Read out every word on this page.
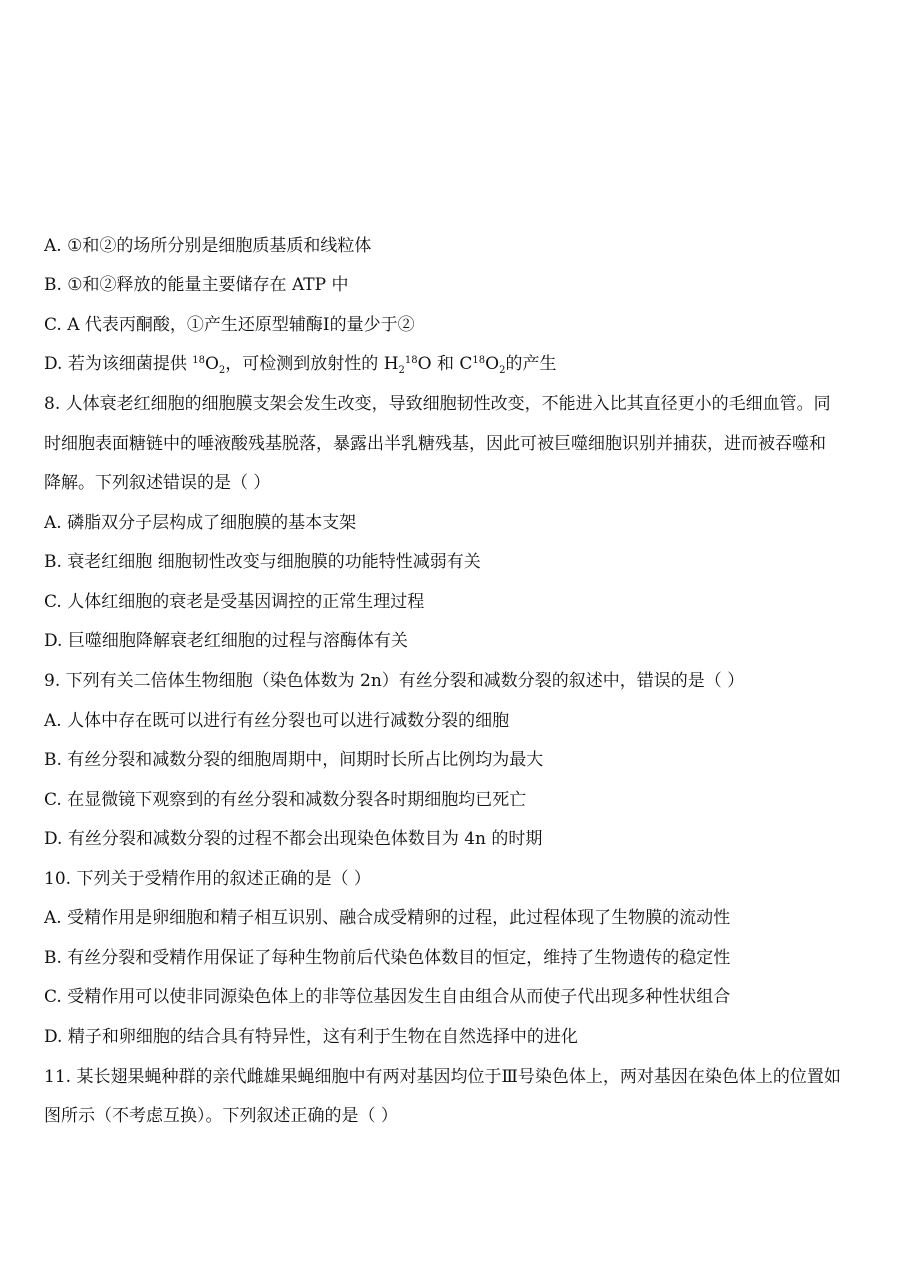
A. ①和②的场所分别是细胞质基质和线粒体
B. ①和②释放的能量主要储存在 ATP 中
C. A 代表丙酮酸，①产生还原型辅酶Ⅰ的量少于②
D. 若为该细菌提供 $^{18}O_2$，可检测到放射性的 $H_2^{18}O$ 和 $C^{18}O_2$的产生
8. 人体衰老红细胞的细胞膜支架会发生改变，导致细胞韧性改变，不能进入比其直径更小的毛细血管。同
时细胞表面糖链中的唾液酸残基脱落，暴露出半乳糖残基，因此可被巨噬细胞识别并捕获，进而被吞噬和
降解。下列叙述错误的是（ ）
A. 磷脂双分子层构成了细胞膜的基本支架
B. 衰老红细胞 细胞韧性改变与细胞膜的功能特性减弱有关
C. 人体红细胞的衰老是受基因调控的正常生理过程
D. 巨噬细胞降解衰老红细胞的过程与溶酶体有关
9. 下列有关二倍体生物细胞（染色体数为 2n）有丝分裂和减数分裂的叙述中，错误的是（ ）
A. 人体中存在既可以进行有丝分裂也可以进行减数分裂的细胞
B. 有丝分裂和减数分裂的细胞周期中，间期时长所占比例均为最大
C. 在显微镜下观察到的有丝分裂和减数分裂各时期细胞均已死亡
D. 有丝分裂和减数分裂的过程不都会出现染色体数目为 4n 的时期
10. 下列关于受精作用的叙述正确的是（ ）
A. 受精作用是卵细胞和精子相互识别、融合成受精卵的过程，此过程体现了生物膜的流动性
B. 有丝分裂和受精作用保证了每种生物前后代染色体数目的恒定，维持了生物遗传的稳定性
C. 受精作用可以使非同源染色体上的非等位基因发生自由组合从而使子代出现多种性状组合
D. 精子和卵细胞的结合具有特异性，这有利于生物在自然选择中的进化
11. 某长翅果蝇种群的亲代雌雄果蝇细胞中有两对基因均位于Ⅲ号染色体上，两对基因在染色体上的位置如
图所示（不考虑互换）。下列叙述正确的是（ ）
